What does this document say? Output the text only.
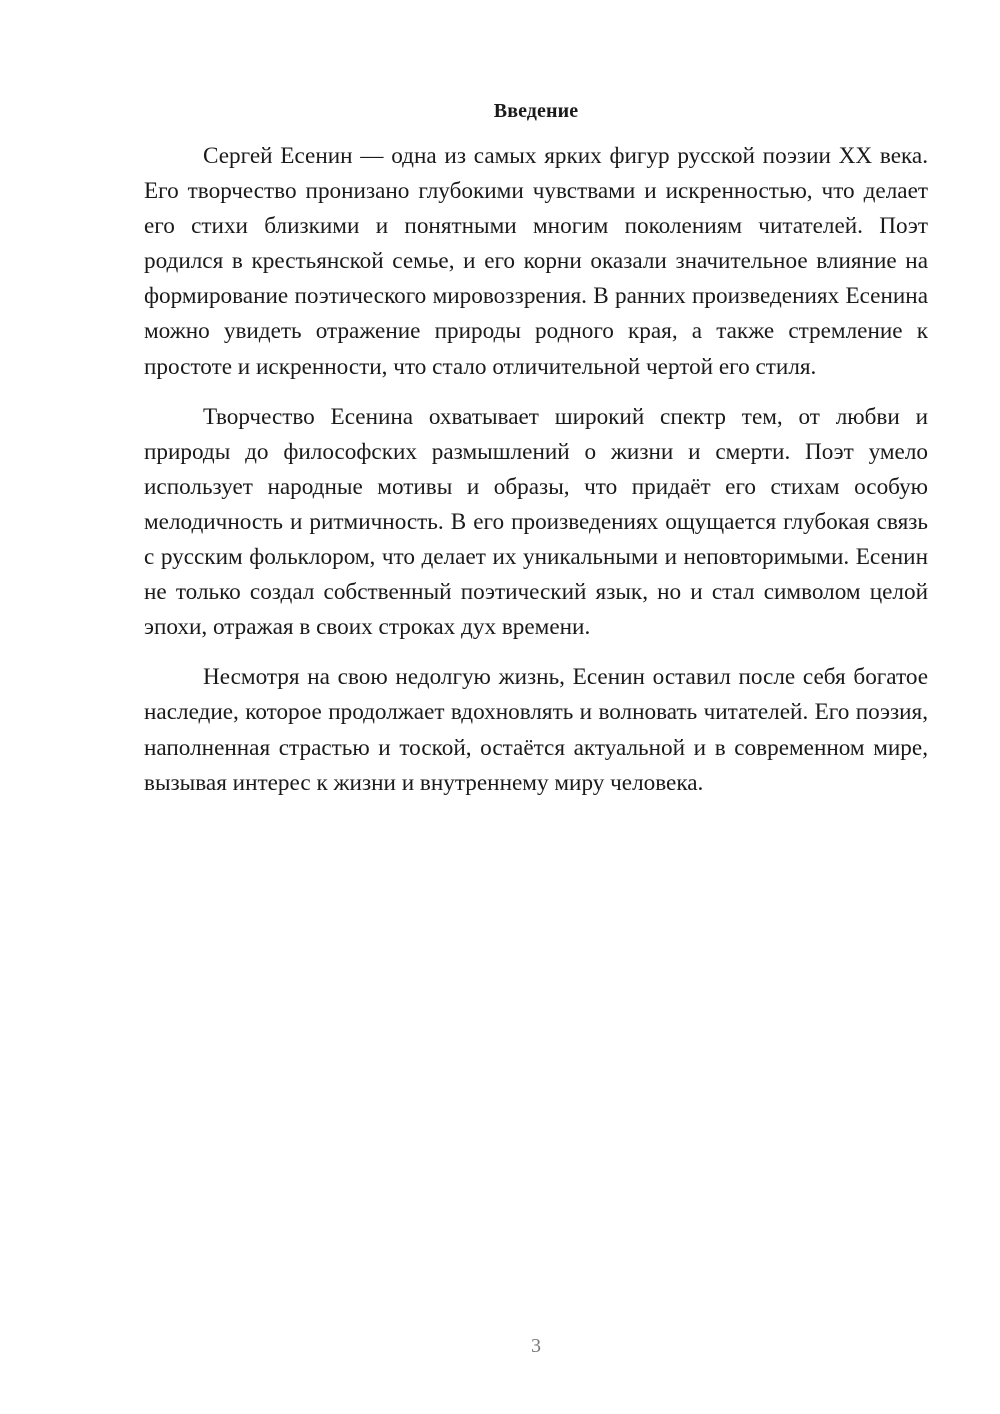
Введение

Сергей Есенин — одна из самых ярких фигур русской поэзии XX века. Его творчество пронизано глубокими чувствами и искренностью, что делает его стихи близкими и понятными многим поколениям читателей. Поэт родился в крестьянской семье, и его корни оказали значительное влияние на формирование поэтического мировоззрения. В ранних произведениях Есенина можно увидеть отражение природы родного края, а также стремление к простоте и искренности, что стало отличительной чертой его стиля.

Творчество Есенина охватывает широкий спектр тем, от любви и природы до философских размышлений о жизни и смерти. Поэт умело использует народные мотивы и образы, что придаёт его стихам особую мелодичность и ритмичность. В его произведениях ощущается глубокая связь с русским фольклором, что делает их уникальными и неповторимыми. Есенин не только создал собственный поэтический язык, но и стал символом целой эпохи, отражая в своих строках дух времени.

Несмотря на свою недолгую жизнь, Есенин оставил после себя богатое наследие, которое продолжает вдохновлять и волновать читателей. Его поэзия, наполненная страстью и тоской, остаётся актуальной и в современном мире, вызывая интерес к жизни и внутреннему миру человека.

3
